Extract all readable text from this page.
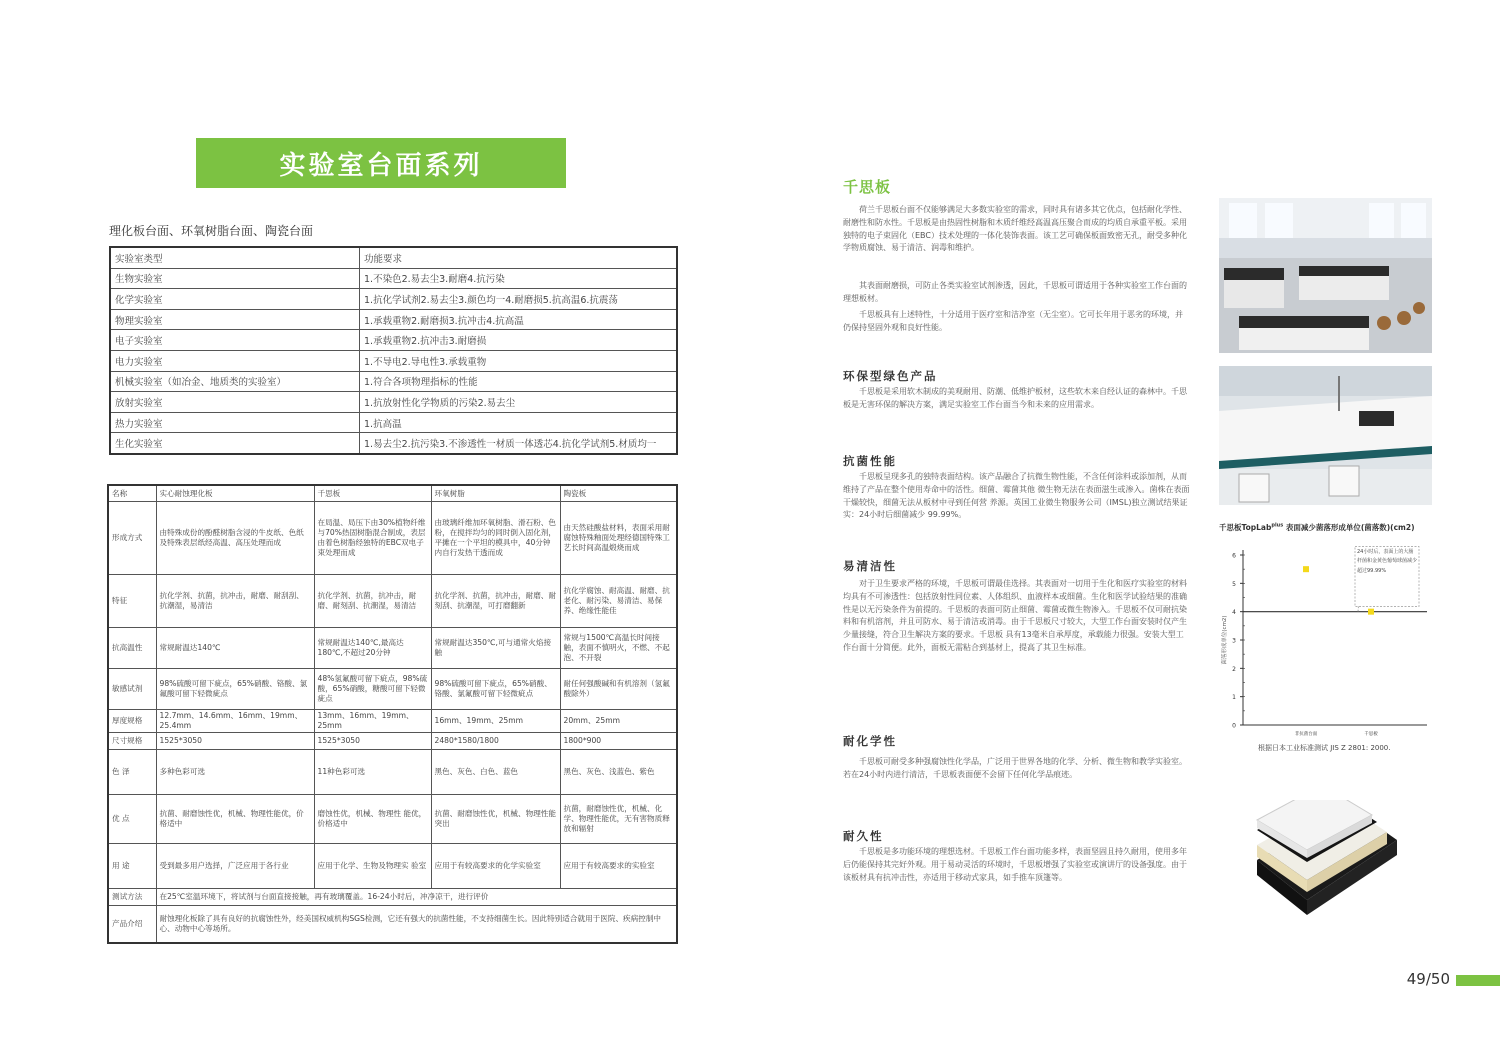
实验室台面系列
理化板台面、环氧树脂台面、陶瓷台面
实验室类型	功能要求
生物实验室	1.不染色2.易去尘3.耐磨4.抗污染
化学实验室	1.抗化学试剂2.易去尘3.颜色均一4.耐磨损5.抗高温6.抗震荡
物理实验室	1.承载重物2.耐磨损3.抗冲击4.抗高温
电子实验室	1.承载重物2.抗冲击3.耐磨损
电力实验室	1.不导电2.导电性3.承载重物
机械实验室（如冶金、地质类的实验室）	1.符合各项物理指标的性能
放射实验室	1.抗放射性化学物质的污染2.易去尘
热力实验室	1.抗高温
生化实验室	1.易去尘2.抗污染3.不渗透性一材质一体透芯4.抗化学试剂5.材质均一
名称	实心耐蚀理化板	千思板	环氧树脂	陶瓷板
形成方式	由特殊成份的酚醛树脂含浸的牛皮纸、色纸及特殊表层纸经高温、高压处理而成	在局温、局压下由30%植物纤维与70%热固树脂混合制成，表层由着色树脂经独特的EBC双电子束处理而成	由玻璃纤维加环氧树脂、滑石粉、色粉，在搅拌均匀的同时倒入固化剂，平摊在一个平坦的模具中，40分钟内自行发热干透而成	由天然硅酸盐材料，表面采用耐腐蚀特殊釉面处理经德国特殊工艺长时间高温煅烧而成
特征	抗化学剂、抗菌，抗冲击，耐磨、耐刮刮、抗潮湿，易清洁	抗化学剂、抗菌，抗冲击，耐磨、耐刻刮、抗潮湿，易清洁	抗化学剂、抗菌，抗冲击，耐磨、耐刻刮、抗潮湿，可打磨翻新	抗化学腐蚀、耐高温、耐磨、抗老化、耐污染、易清洁、易保养、绝缘性能佳
抗高温性	常规耐温达140℃	常规耐温达140℃,最高达180℃,不超过20分钟	常规耐温达350℃,可与通常火焰接触	常规与1500℃高温长时间接触，表面不慎明火，不燃、不起泡、不开裂
敏感试剂	98%硫酸可留下疵点，65%硝酸、铬酸、氯氟酸可留下轻微疵点	48%氢氟酸可留下疵点，98%硫酸，65%硝酸，糖酸可留下轻微疵点	98%硫酸可留下疵点，65%硝酸、铬酸、氯氟酸可留下轻微疵点	耐任何强酸碱和有机溶剂（氢氟酸除外）
厚度规格	12.7mm、14.6mm、16mm、19mm、25.4mm	13mm、16mm、19mm、25mm	16mm、19mm、25mm	20mm、25mm
尺寸规格	1525*3050	1525*3050	2480*1580/1800	1800*900
色 泽	多种色彩可选	11种色彩可选	黑色、灰色、白色、蓝色	黑色、灰色、浅蓝色、紫色
优 点	抗菌、耐磨蚀性优，机械、物理性能优，价格适中	磨蚀性优，机械、物理性 能优，价格适中	抗菌、耐磨蚀性优，机械、物理性能突出	抗菌，耐磨蚀性优，机械、化学、物理性能优，无有害物质释放和辐射
用 途	受到最多用户选择，广泛应用于各行业	应用于化学、生物及物理实 验室	应用于有较高要求的化学实验室	应用于有较高要求的实验室
测试方法	在25℃室温环境下，将试剂与台面直接接触，再有玻璃覆盖。16-24小时后，冲净凉干，进行评价			
产品介绍	耐蚀理化板除了具有良好的抗腐蚀性外，经美国权威机构SGS检测，它还有强大的抗菌性能，不支持细菌生长。因此特别适合就用于医院、疾病控制中心、动物中心等场所。			
千思板
荷兰千思板台面不仅能够满足大多数实验室的需求，同时具有诸多其它优点，包括耐化学性、耐磨性和防水性。千思板是由热固性树脂和木质纤维经高温高压聚合而成的均质自承重平板。采用独特的电子束固化（EBC）技术处理的一体化装饰表面。该工艺可确保板面致密无孔，耐受多种化学物质腐蚀、易于清洁、润毒和维护。
其表面耐磨损，可防止各类实验室试剂渗透，因此，千思板可谓适用于各种实验室工作台面的理想板材。
千思板具有上述特性，十分适用于医疗室和洁净室（无尘室）。它可长年用于恶劣的环境，并仍保持坚固外观和良好性能。
环保型绿色产品
千思板是采用软木制成的美观耐用、防潮、低维护板材，这些软木来自经认证的森林中。千思板是无害环保的解决方案，满足实验室工作台面当今和未来的应用需求。
抗菌性能
千思板呈现多孔的独特表面结构。该产品融合了抗微生物性能，不含任何涂料或添加剂，从而维持了产品在整个使用寿命中的活性。细菌、霉菌其他 微生物无法在表面滋生或渗入。菌株在表面干燥较快，细菌无法从板材中寻到任何营 养源。英国工业微生物服务公司（IMSL)独立测试结果证实：24小时后细菌减少 99.99%。
易清洁性
对于卫生要求严格的环境，千思板可谓最佳选择。其表面对一切用于生化和医疗实验室的材料均具有不可渗透性：包括放射性同位素、人体组织、血液样本或细菌。生化和医学试验结果的准确性是以无污染条件为前提的。千思板的表面可防止细菌、霉菌或微生物渗入。千思板不仅可耐抗染料和有机溶剂，并且可防水、易于清洁或消毒。由于千思板尺寸较大，大型工作台面安装时仅产生少量接缝，符合卫生解决方案的要求。千思板 具有13毫米自承厚度，承载能力很强。安装大型工作台面十分简便。此外，面板无需粘合到基材上，提高了其卫生标准。
耐化学性
千思板可耐受多种强腐蚀性化学品，广泛用于世界各地的化学、分析、微生物和教学实验室。若在24小时内进行清洁，千思板表面便不会留下任何化学品痕迹。
耐久性
千思板是多功能环境的理想选材。千思板工作台面功能多样，表面坚固且持久耐用，使用多年后仍能保持其完好外观。用于易动灵活的环境时，千思板增强了实验室或演讲厅的设备强度。由于该板材具有抗冲击性，亦适用于移动式家具，如手推车顶篷等。
千思板TopLab$^{plus}$ 表面减少菌落形成单位(菌落数)(cm2)
0
1
2
3
4
5
6
菌落形成单位(cm2)
非抗菌台面	千思板
24小时后，表面上的大肠杆菌和金黄色葡萄球菌减少超过99.99%
根据日本工业标准测试 JIS Z 2801: 2000.
49/50
